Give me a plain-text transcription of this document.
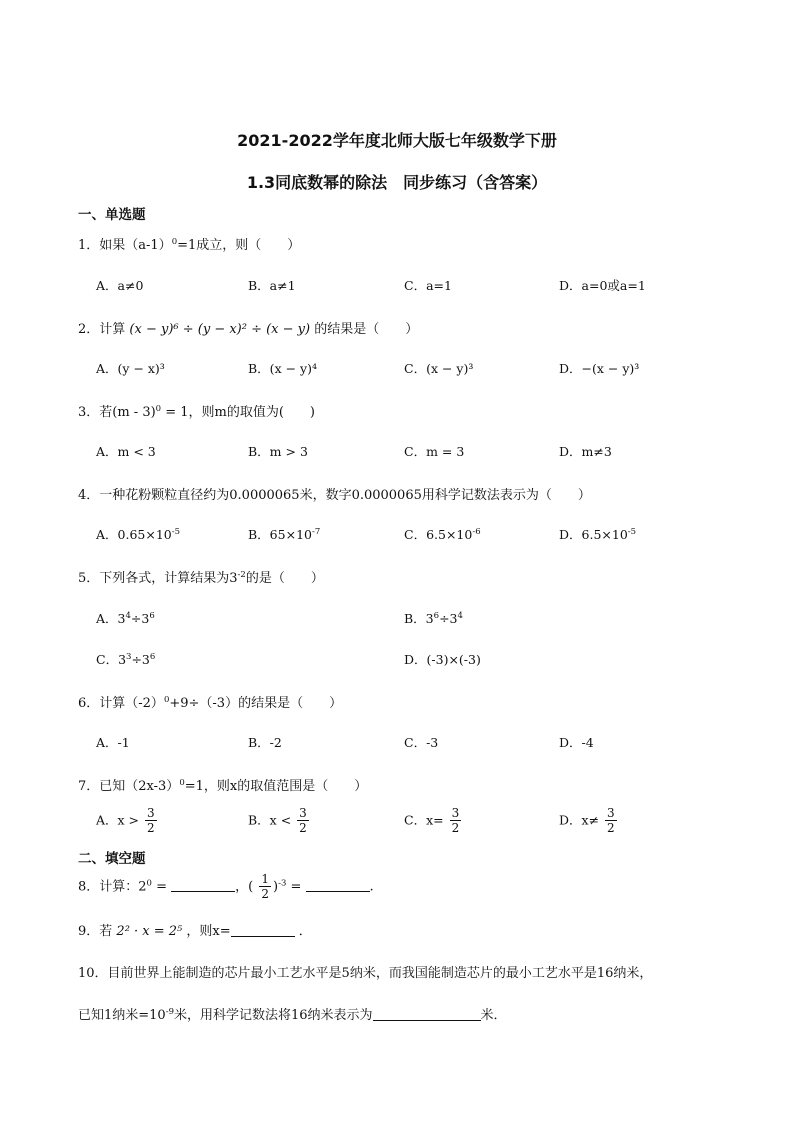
2021-2022学年度北师大版七年级数学下册
1.3同底数幂的除法　同步练习（含答案）
一、单选题
1．如果$(a-1)^0=1$成立，则（　　）
A．a≠0	B．a≠1	C．a=1	D．a=0或a=1
2．计算 (x − y)⁶ ÷ (y − x)² ÷ (x − y) 的结果是（　　）
A．(y − x)³	B．(x − y)⁴	C．(x − y)³	D．−(x − y)³
3．若(m - 3)$^0$ = 1，则m的取值为(　　)
A．m < 3	B．m > 3	C．m = 3	D．m≠3
4．一种花粉颗粒直径约为0.0000065米，数字0.0000065用科学记数法表示为（　　）
A．$0.65\times 10^{-5}$	B．$65\times 10^{-7}$	C．$6.5\times 10^{-6}$	D．$6.5\times 10^{-5}$
5．下列各式，计算结果为$3^{-2}$的是（　　）
A．$3^4\div 3^6$	B．$3^6\div 3^4$
C．$3^3\div 3^6$	D．(-3)×(-3)
6．计算$(-2)^0+9\div(-3)$的结果是（　　）
A．-1	B．-2	C．-3	D．-4
7．已知$(2x-3)^0=1$，则x的取值范围是（　　）
A．$x > \frac{3}{2}$	B．$x < \frac{3}{2}$	C．$x= \frac{3}{2}$	D．$x\ne \frac{3}{2}$
二、填空题
8．计算：$2^0$ =	，( $\frac{1}{2} )^{-3}$ =	.
9．若 2² · x = 2⁵ ，则x=	．
10．目前世界上能制造的芯片最小工艺水平是5纳米，而我国能制造芯片的最小工艺水平是16纳米，
已知1纳米$=10^{-9}$米，用科学记数法将16纳米表示为	米．
